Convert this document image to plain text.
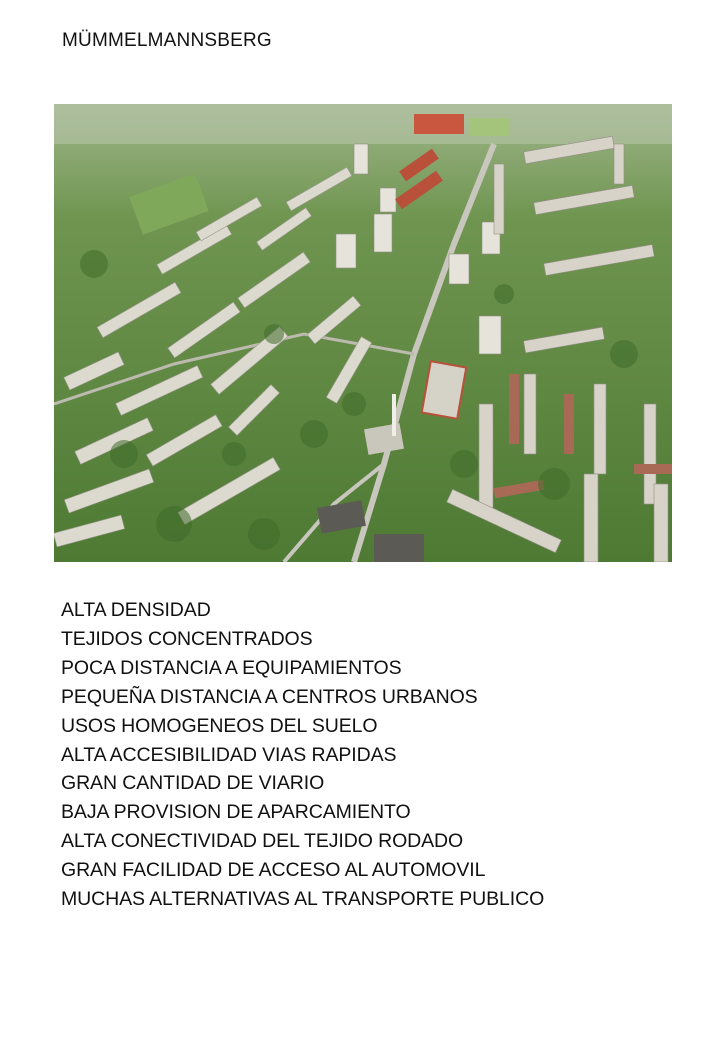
MÜMMELMANNSBERG
ALTA DENSIDAD
TEJIDOS CONCENTRADOS
POCA DISTANCIA A EQUIPAMIENTOS
PEQUEÑA DISTANCIA A CENTROS URBANOS
USOS HOMOGENEOS DEL SUELO
ALTA ACCESIBILIDAD VIAS RAPIDAS
GRAN CANTIDAD DE VIARIO
BAJA PROVISION DE APARCAMIENTO
ALTA CONECTIVIDAD DEL TEJIDO RODADO
GRAN FACILIDAD DE ACCESO AL AUTOMOVIL
MUCHAS ALTERNATIVAS AL TRANSPORTE PUBLICO
